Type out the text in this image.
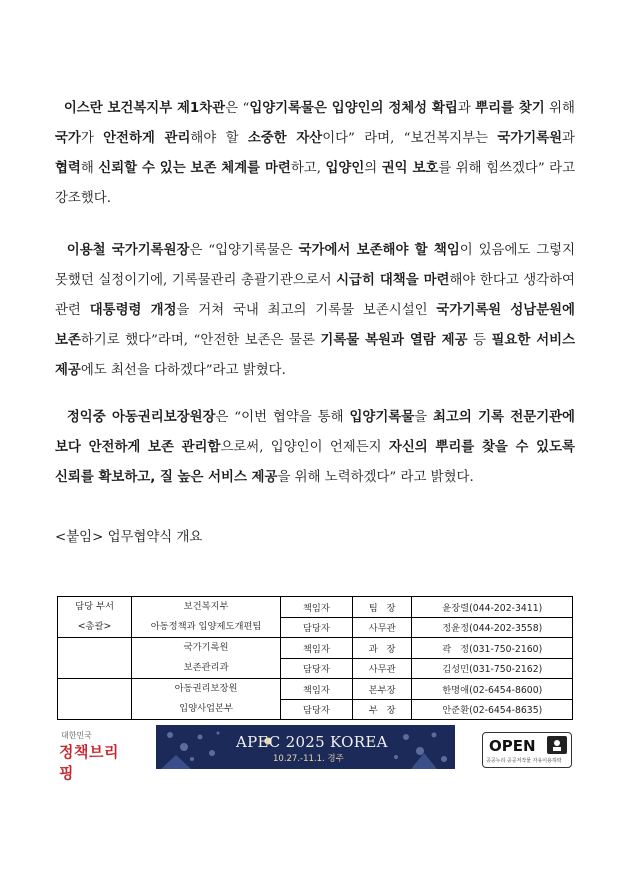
이스란 보건복지부 제1차관은 “입양기록물은 입양인의 정체성 확립과 뿌리를 찾기 위해 국가가 안전하게 관리해야 할 소중한 자산이다” 라며, “보건복지부는 국가기록원과 협력해 신뢰할 수 있는 보존 체계를 마련하고, 입양인의 권익 보호를 위해 힘쓰겠다” 라고 강조했다.

이용철 국가기록원장은 “입양기록물은 국가에서 보존해야 할 책임이 있음에도 그렇지 못했던 실정이기에, 기록물관리 총괄기관으로서 시급히 대책을 마련해야 한다고 생각하여 관련 대통령령 개정을 거쳐 국내 최고의 기록물 보존시설인 국가기록원 성남분원에 보존하기로 했다”라며, “안전한 보존은 물론 기록물 복원과 열람 제공 등 필요한 서비스 제공에도 최선을 다하겠다”라고 밝혔다.

정익중 아동권리보장원장은 “이번 협약을 통해 입양기록물을 최고의 기록 전문기관에 보다 안전하게 보존 관리함으로써, 입양인이 언제든지 자신의 뿌리를 찾을 수 있도록 신뢰를 확보하고, 질 높은 서비스 제공을 위해 노력하겠다” 라고 밝혔다.

<붙임> 업무협약식 개요

담당 부서
<총괄>	보건복지부
아동정책과 입양제도개편팀	책임자	팀   장	윤장렬(044-202-3411)
		담당자	사무관	정윤정(044-202-3558)
	국가기록원
보존관리과	책임자	과   장	곽   정(031-750-2160)
		담당자	사무관	김성민(031-750-2162)
	아동권리보장원
입양사업본부	책임자	본부장	한명애(02-6454-8600)
		담당자	부   장	안준환(02-6454-8635)
대한민국
정책브리핑
APEC 2025 KOREA
10.27.-11.1. 경주
OPEN
공공누리 공공저작물 자유이용허락
